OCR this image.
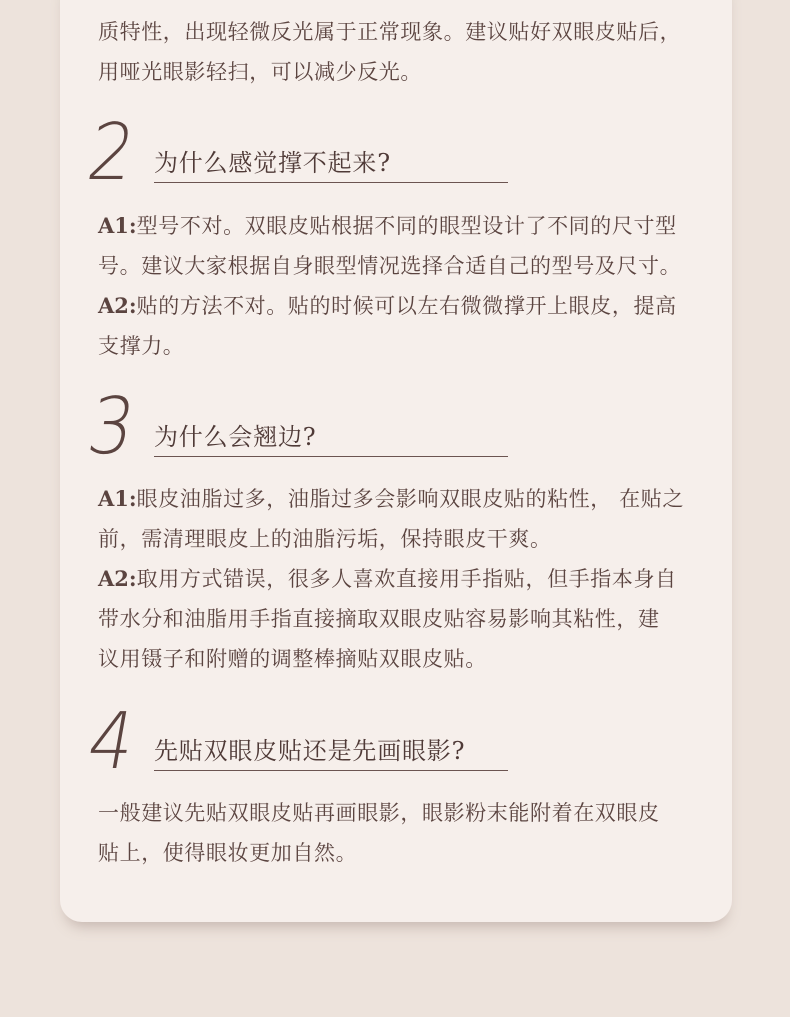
质特性，出现轻微反光属于正常现象。建议贴好双眼皮贴后，
用哑光眼影轻扫，可以减少反光。
2 为什么感觉撑不起来?
A1:型号不对。双眼皮贴根据不同的眼型设计了不同的尺寸型
号。建议大家根据自身眼型情况选择合适自己的型号及尺寸。
A2:贴的方法不对。贴的时候可以左右微微撑开上眼皮，提高
支撑力。
3 为什么会翘边?
A1:眼皮油脂过多，油脂过多会影响双眼皮贴的粘性， 在贴之
前，需清理眼皮上的油脂污垢，保持眼皮干爽。
A2:取用方式错误，很多人喜欢直接用手指贴，但手指本身自
带水分和油脂用手指直接摘取双眼皮贴容易影响其粘性，建
议用镊子和附赠的调整棒摘贴双眼皮贴。
4 先贴双眼皮贴还是先画眼影?
一般建议先贴双眼皮贴再画眼影，眼影粉末能附着在双眼皮
贴上，使得眼妆更加自然。
